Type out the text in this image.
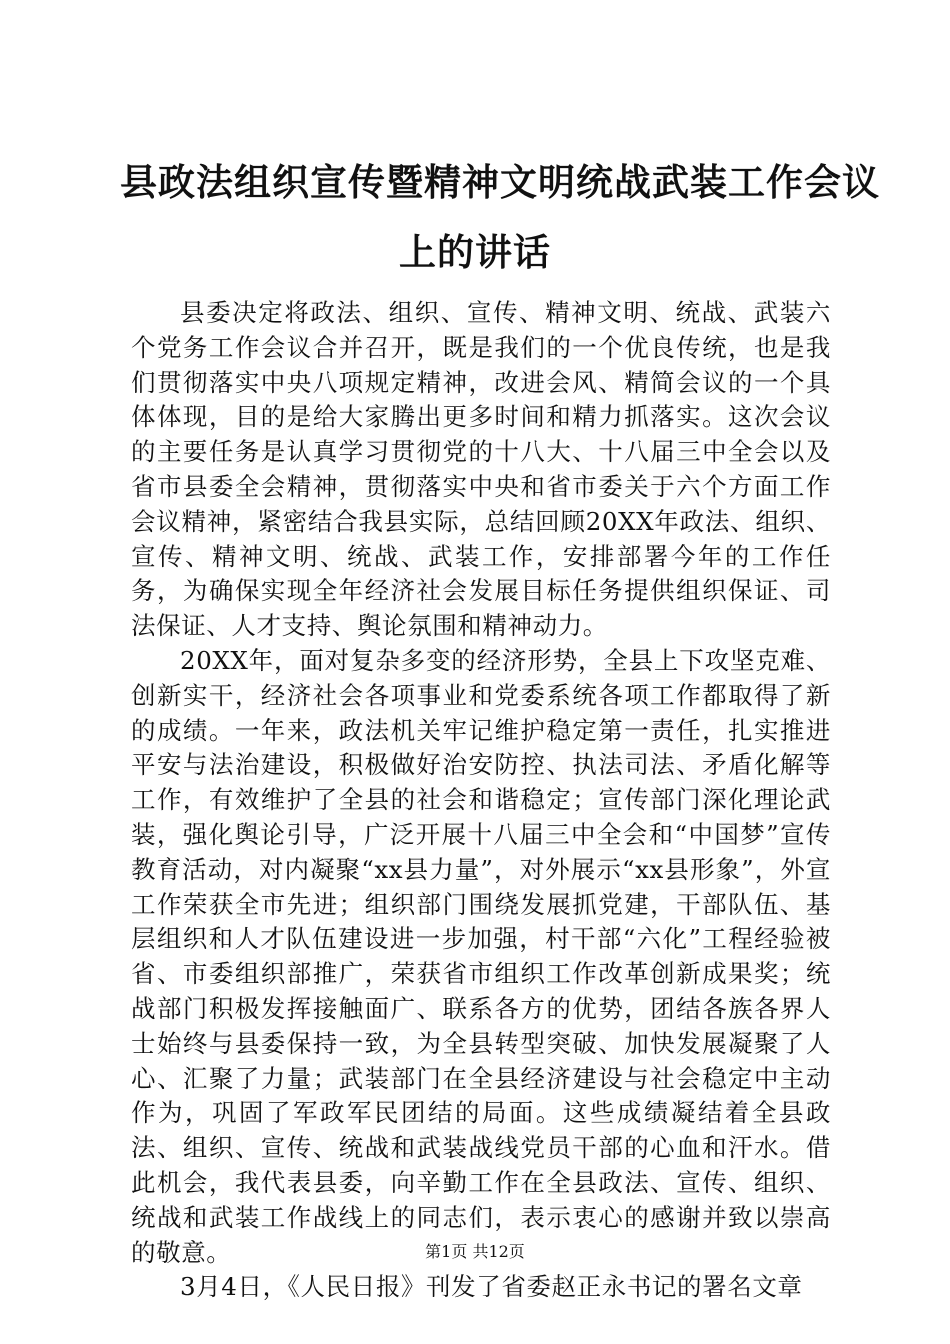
县政法组织宣传暨精神文明统战武装工作会议
上的讲话

县委决定将政法、组织、宣传、精神文明、统战、武装六个党务工作会议合并召开，既是我们的一个优良传统，也是我们贯彻落实中央八项规定精神，改进会风、精简会议的一个具体体现，目的是给大家腾出更多时间和精力抓落实。这次会议的主要任务是认真学习贯彻党的十八大、十八届三中全会以及省市县委全会精神，贯彻落实中央和省市委关于六个方面工作会议精神，紧密结合我县实际，总结回顾20XX年政法、组织、宣传、精神文明、统战、武装工作，安排部署今年的工作任务，为确保实现全年经济社会发展目标任务提供组织保证、司法保证、人才支持、舆论氛围和精神动力。

20XX年，面对复杂多变的经济形势，全县上下攻坚克难、创新实干，经济社会各项事业和党委系统各项工作都取得了新的成绩。一年来，政法机关牢记维护稳定第一责任，扎实推进平安与法治建设，积极做好治安防控、执法司法、矛盾化解等工作，有效维护了全县的社会和谐稳定；宣传部门深化理论武装，强化舆论引导，广泛开展十八届三中全会和“中国梦”宣传教育活动，对内凝聚“xx县力量”，对外展示“xx县形象”，外宣工作荣获全市先进；组织部门围绕发展抓党建，干部队伍、基层组织和人才队伍建设进一步加强，村干部“六化”工程经验被省、市委组织部推广，荣获省市组织工作改革创新成果奖；统战部门积极发挥接触面广、联系各方的优势，团结各族各界人士始终与县委保持一致，为全县转型突破、加快发展凝聚了人心、汇聚了力量；武装部门在全县经济建设与社会稳定中主动作为，巩固了军政军民团结的局面。这些成绩凝结着全县政法、组织、宣传、统战和武装战线党员干部的心血和汗水。借此机会，我代表县委，向辛勤工作在全县政法、宣传、组织、统战和武装工作战线上的同志们，表示衷心的感谢并致以崇高的敬意。

3月4日，《人民日报》刊发了省委赵正永书记的署名文章

第1页 共12页
